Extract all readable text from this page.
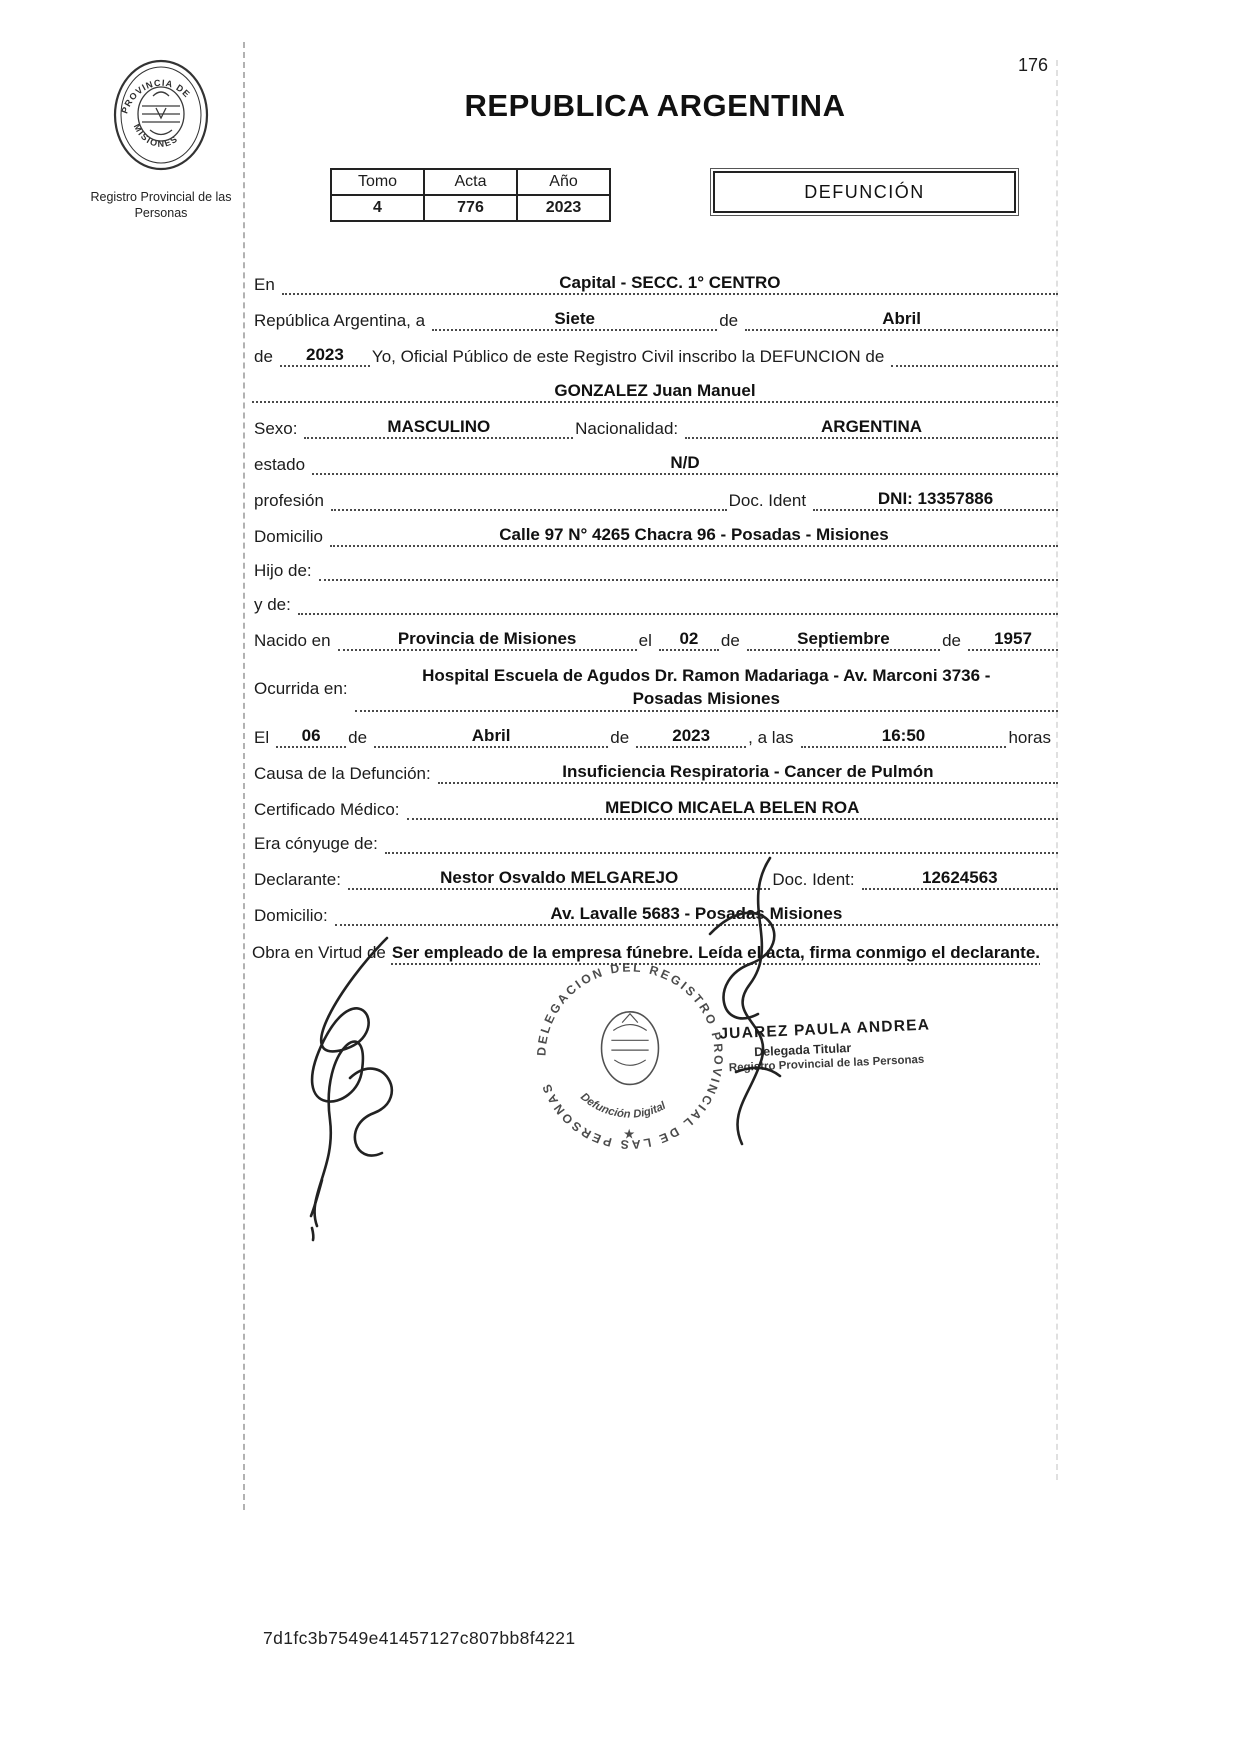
176
PROVINCIA DE
MISIONES
Registro Provincial de las Personas
REPUBLICA ARGENTINA
Tomo	Acta	Año
4	776	2023
DEFUNCIÓN
En	Capital - SECC. 1° CENTRO
República Argentina, a	Siete	de	Abril
de	2023	Yo, Oficial Público de este Registro Civil inscribo la DEFUNCION de
GONZALEZ Juan Manuel
Sexo:	MASCULINO	Nacionalidad:	ARGENTINA
estado	N/D
profesión	Doc. Ident	DNI: 13357886
Domicilio	Calle 97 N° 4265 Chacra 96 - Posadas - Misiones
Hijo de:
y de:
Nacido en	Provincia de Misiones	el	02	de	Septiembre	de	1957
Ocurrida en:
Hospital Escuela de Agudos Dr. Ramon Madariaga - Av. Marconi 3736 -
Posadas Misiones
El	06	de	Abril	de	2023	, a las	16:50	horas
Causa de la Defunción:	Insuficiencia Respiratoria - Cancer de Pulmón
Certificado Médico:	MEDICO MICAELA BELEN ROA
Era cónyuge de:
Declarante:	Nestor Osvaldo MELGAREJO	Doc. Ident:	12624563
Domicilio:	Av. Lavalle 5683 - Posadas Misiones
Obra en Virtud de Ser empleado de la empresa fúnebre. Leída el acta, firma conmigo el declarante.
DELEGACION DEL REGISTRO PROVINCIAL DE LAS PERSONAS
Defunción Digital
★
JUAREZ PAULA ANDREA
Delegada Titular
Registro Provincial de las Personas
7d1fc3b7549e41457127c807bb8f4221
